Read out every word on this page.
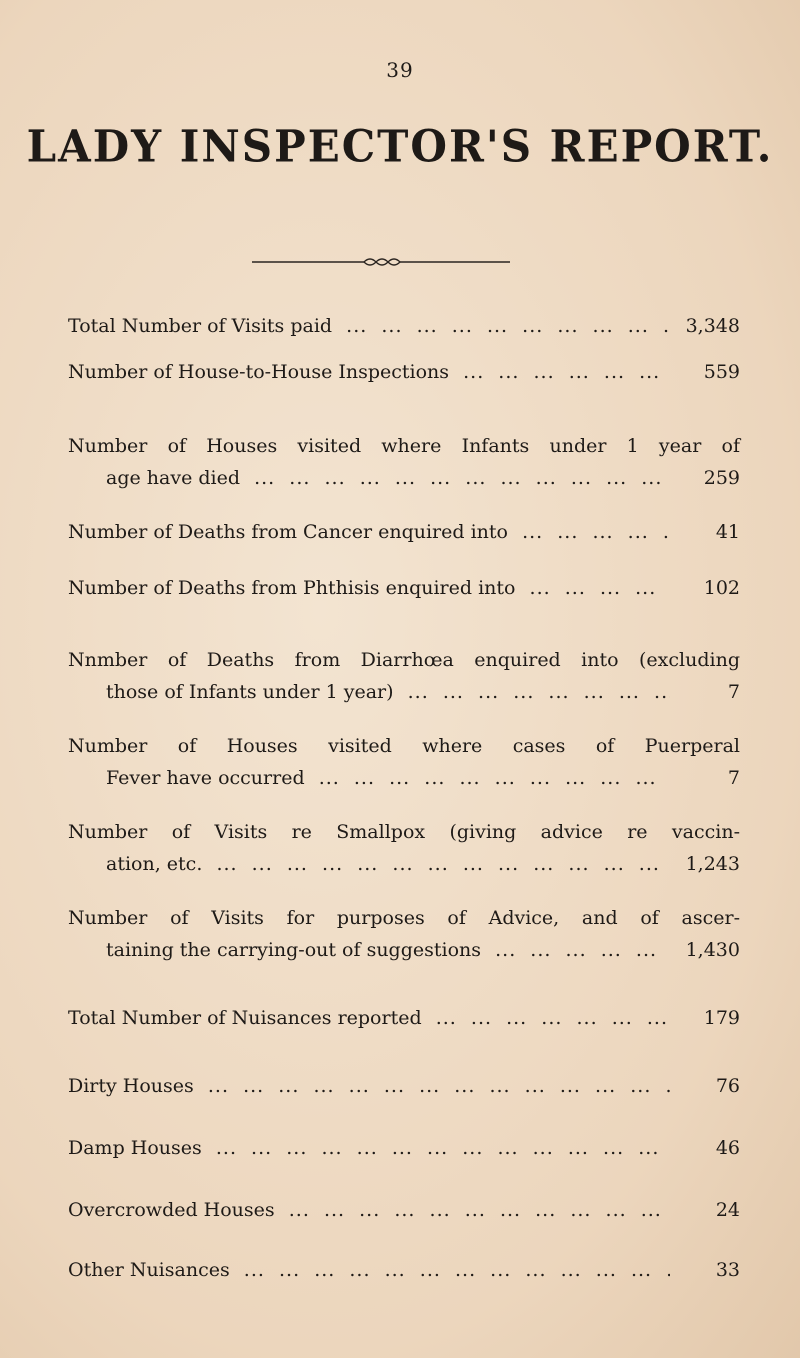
39
LADY INSPECTOR'S REPORT.
Total Number of Visits paid ...	3,348
Number of House-to-House Inspections ...	559
Number of Houses visited where Infants under 1 year of
age have died ...	259
Number of Deaths from Cancer enquired into ...	41
Number of Deaths from Phthisis enquired into ...	102
Nnmber of Deaths from Diarrhœa enquired into (excluding
those of Infants under 1 year) ...	7
Number of Houses visited where cases of Puerperal
Fever have occurred ...	7
Number of Visits re Smallpox (giving advice re vaccin-
ation, etc. ...	1,243
Number of Visits for purposes of Advice, and of ascer-
taining the carrying-out of suggestions ...	1,430
Total Number of Nuisances reported ...	179
Dirty Houses ...	76
Damp Houses ...	46
Overcrowded Houses ...	24
Other Nuisances ...	33
